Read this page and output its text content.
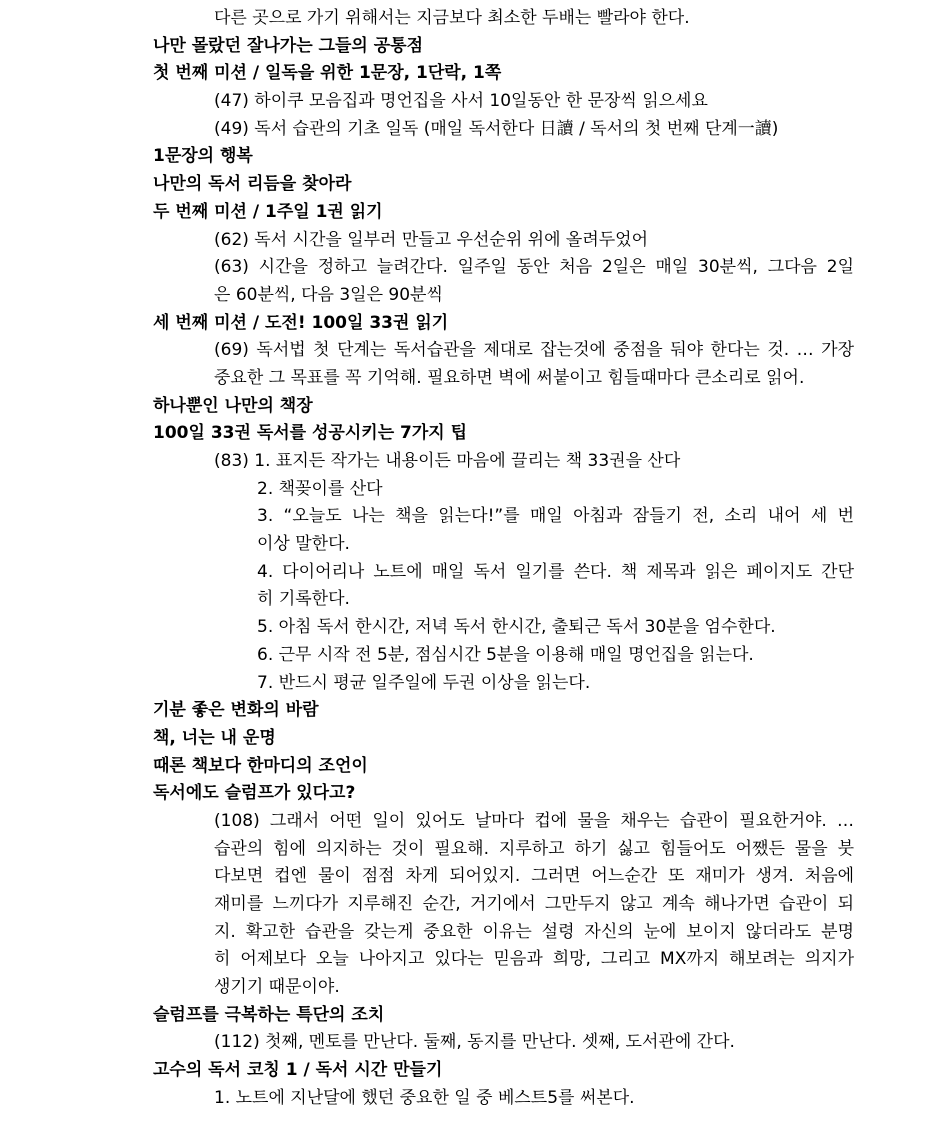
다른 곳으로 가기 위해서는 지금보다 최소한 두배는 빨라야 한다.
나만 몰랐던 잘나가는 그들의 공통점
첫 번째 미션 / 일독을 위한 1문장, 1단락, 1쪽
(47) 하이쿠 모음집과 명언집을 사서 10일동안 한 문장씩 읽으세요
(49) 독서 습관의 기초 일독 (매일 독서한다 日讀 / 독서의 첫 번째 단계一讀)
1문장의 행복
나만의 독서 리듬을 찾아라
두 번째 미션 / 1주일 1권 읽기
(62) 독서 시간을 일부러 만들고 우선순위 위에 올려두었어
(63) 시간을 정하고 늘려간다. 일주일 동안 처음 2일은 매일 30분씩, 그다음 2일
은 60분씩, 다음 3일은 90분씩
세 번째 미션 / 도전! 100일 33권 읽기
(69) 독서법 첫 단계는 독서습관을 제대로 잡는것에 중점을 둬야 한다는 것. … 가장
중요한 그 목표를 꼭 기억해. 필요하면 벽에 써붙이고 힘들때마다 큰소리로 읽어.
하나뿐인 나만의 책장
100일 33권 독서를 성공시키는 7가지 팁
(83) 1. 표지든 작가는 내용이든 마음에 끌리는 책 33권을 산다
2. 책꽂이를 산다
3. “오늘도 나는 책을 읽는다!”를 매일 아침과 잠들기 전, 소리 내어 세 번
이상 말한다.
4. 다이어리나 노트에 매일 독서 일기를 쓴다. 책 제목과 읽은 페이지도 간단
히 기록한다.
5. 아침 독서 한시간, 저녁 독서 한시간, 출퇴근 독서 30분을 엄수한다.
6. 근무 시작 전 5분, 점심시간 5분을 이용해 매일 명언집을 읽는다.
7. 반드시 평균 일주일에 두권 이상을 읽는다.
기분 좋은 변화의 바람
책, 너는 내 운명
때론 책보다 한마디의 조언이
독서에도 슬럼프가 있다고?
(108) 그래서 어떤 일이 있어도 날마다 컵에 물을 채우는 습관이 필요한거야. …
습관의 힘에 의지하는 것이 필요해. 지루하고 하기 싫고 힘들어도 어쨌든 물을 붓
다보면 컵엔 물이 점점 차게 되어있지. 그러면 어느순간 또 재미가 생겨. 처음에
재미를 느끼다가 지루해진 순간, 거기에서 그만두지 않고 계속 해나가면 습관이 되
지. 확고한 습관을 갖는게 중요한 이유는 설령 자신의 눈에 보이지 않더라도 분명
히 어제보다 오늘 나아지고 있다는 믿음과 희망, 그리고 MX까지 해보려는 의지가
생기기 때문이야.
슬럼프를 극복하는 특단의 조치
(112) 첫째, 멘토를 만난다. 둘째, 동지를 만난다. 셋째, 도서관에 간다.
고수의 독서 코칭 1 / 독서 시간 만들기
1. 노트에 지난달에 했던 중요한 일 중 베스트5를 써본다.
